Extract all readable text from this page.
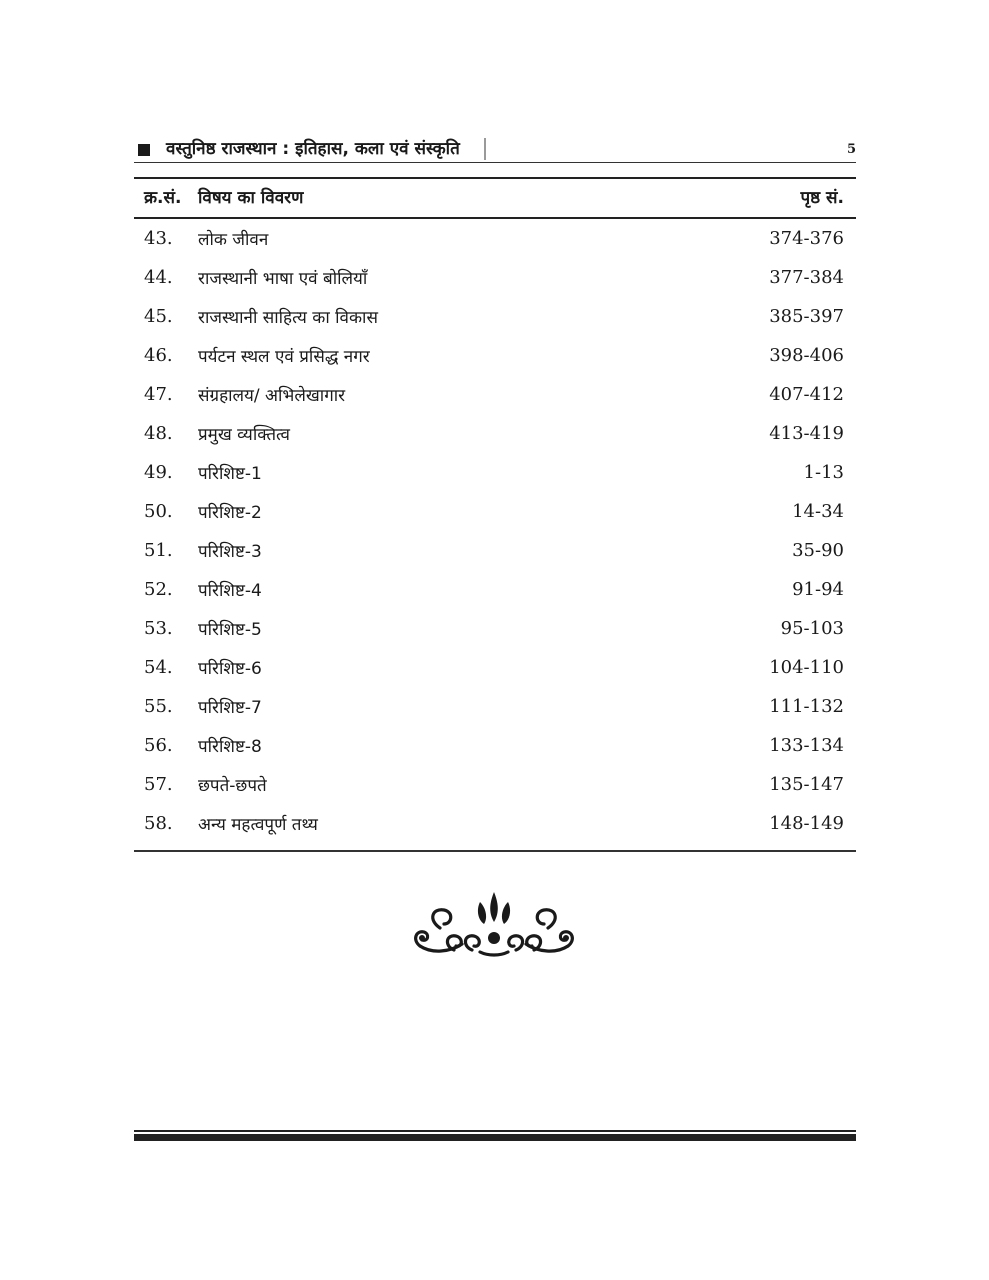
वस्तुनिष्ठ राजस्थान : इतिहास, कला एवं संस्कृति	5
क्र.सं. विषय का विवरण	पृष्ठ सं.
43. लोक जीवन	374-376
44. राजस्थानी भाषा एवं बोलियाँ	377-384
45. राजस्थानी साहित्य का विकास	385-397
46. पर्यटन स्थल एवं प्रसिद्ध नगर	398-406
47. संग्रहालय/ अभिलेखागार	407-412
48. प्रमुख व्यक्तित्व	413-419
49. परिशिष्ट-1	1-13
50. परिशिष्ट-2	14-34
51. परिशिष्ट-3	35-90
52. परिशिष्ट-4	91-94
53. परिशिष्ट-5	95-103
54. परिशिष्ट-6	104-110
55. परिशिष्ट-7	111-132
56. परिशिष्ट-8	133-134
57. छपते-छपते	135-147
58. अन्य महत्वपूर्ण तथ्य	148-149
